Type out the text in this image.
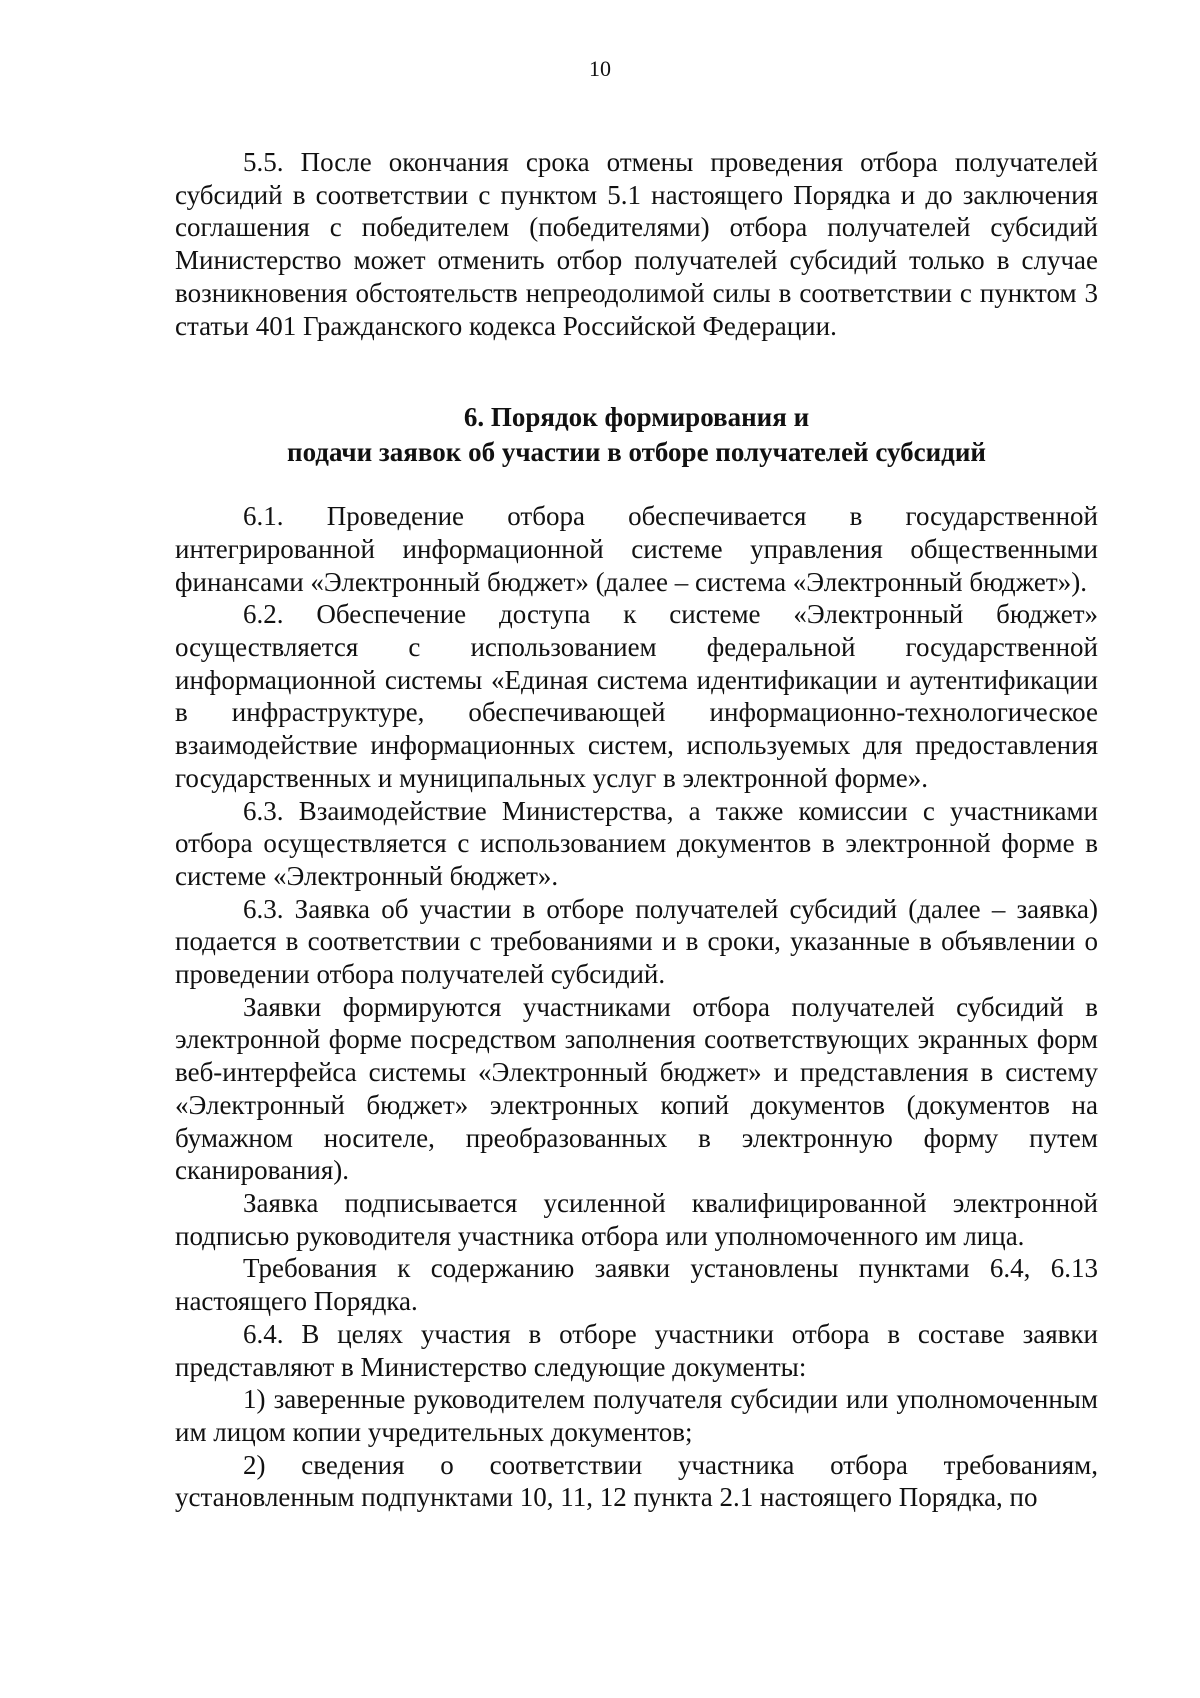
10

5.5. После окончания срока отмены проведения отбора получателей субсидий в соответствии с пунктом 5.1 настоящего Порядка и до заключения соглашения с победителем (победителями) отбора получателей субсидий Министерство может отменить отбор получателей субсидий только в случае возникновения обстоятельств непреодолимой силы в соответствии с пунктом 3 статьи 401 Гражданского кодекса Российской Федерации.

6. Порядок формирования и
подачи заявок об участии в отборе получателей субсидий

6.1. Проведение отбора обеспечивается в государственной интегрированной информационной системе управления общественными финансами «Электронный бюджет» (далее – система «Электронный бюджет»).

6.2. Обеспечение доступа к системе «Электронный бюджет» осуществляется с использованием федеральной государственной информационной системы «Единая система идентификации и аутентификации в инфраструктуре, обеспечивающей информационно-технологическое взаимодействие информационных систем, используемых для предоставления государственных и муниципальных услуг в электронной форме».

6.3. Взаимодействие Министерства, а также комиссии с участниками отбора осуществляется с использованием документов в электронной форме в системе «Электронный бюджет».

6.3. Заявка об участии в отборе получателей субсидий (далее – заявка) подается в соответствии с требованиями и в сроки, указанные в объявлении о проведении отбора получателей субсидий.

Заявки формируются участниками отбора получателей субсидий в электронной форме посредством заполнения соответствующих экранных форм веб-интерфейса системы «Электронный бюджет» и представления в систему «Электронный бюджет» электронных копий документов (документов на бумажном носителе, преобразованных в электронную форму путем сканирования).

Заявка подписывается усиленной квалифицированной электронной подписью руководителя участника отбора или уполномоченного им лица.

Требования к содержанию заявки установлены пунктами 6.4, 6.13 настоящего Порядка.

6.4. В целях участия в отборе участники отбора в составе заявки представляют в Министерство следующие документы:

1) заверенные руководителем получателя субсидии или уполномоченным им лицом копии учредительных документов;

2) сведения о соответствии участника отбора требованиям, установленным подпунктами 10, 11, 12 пункта 2.1 настоящего Порядка, по
